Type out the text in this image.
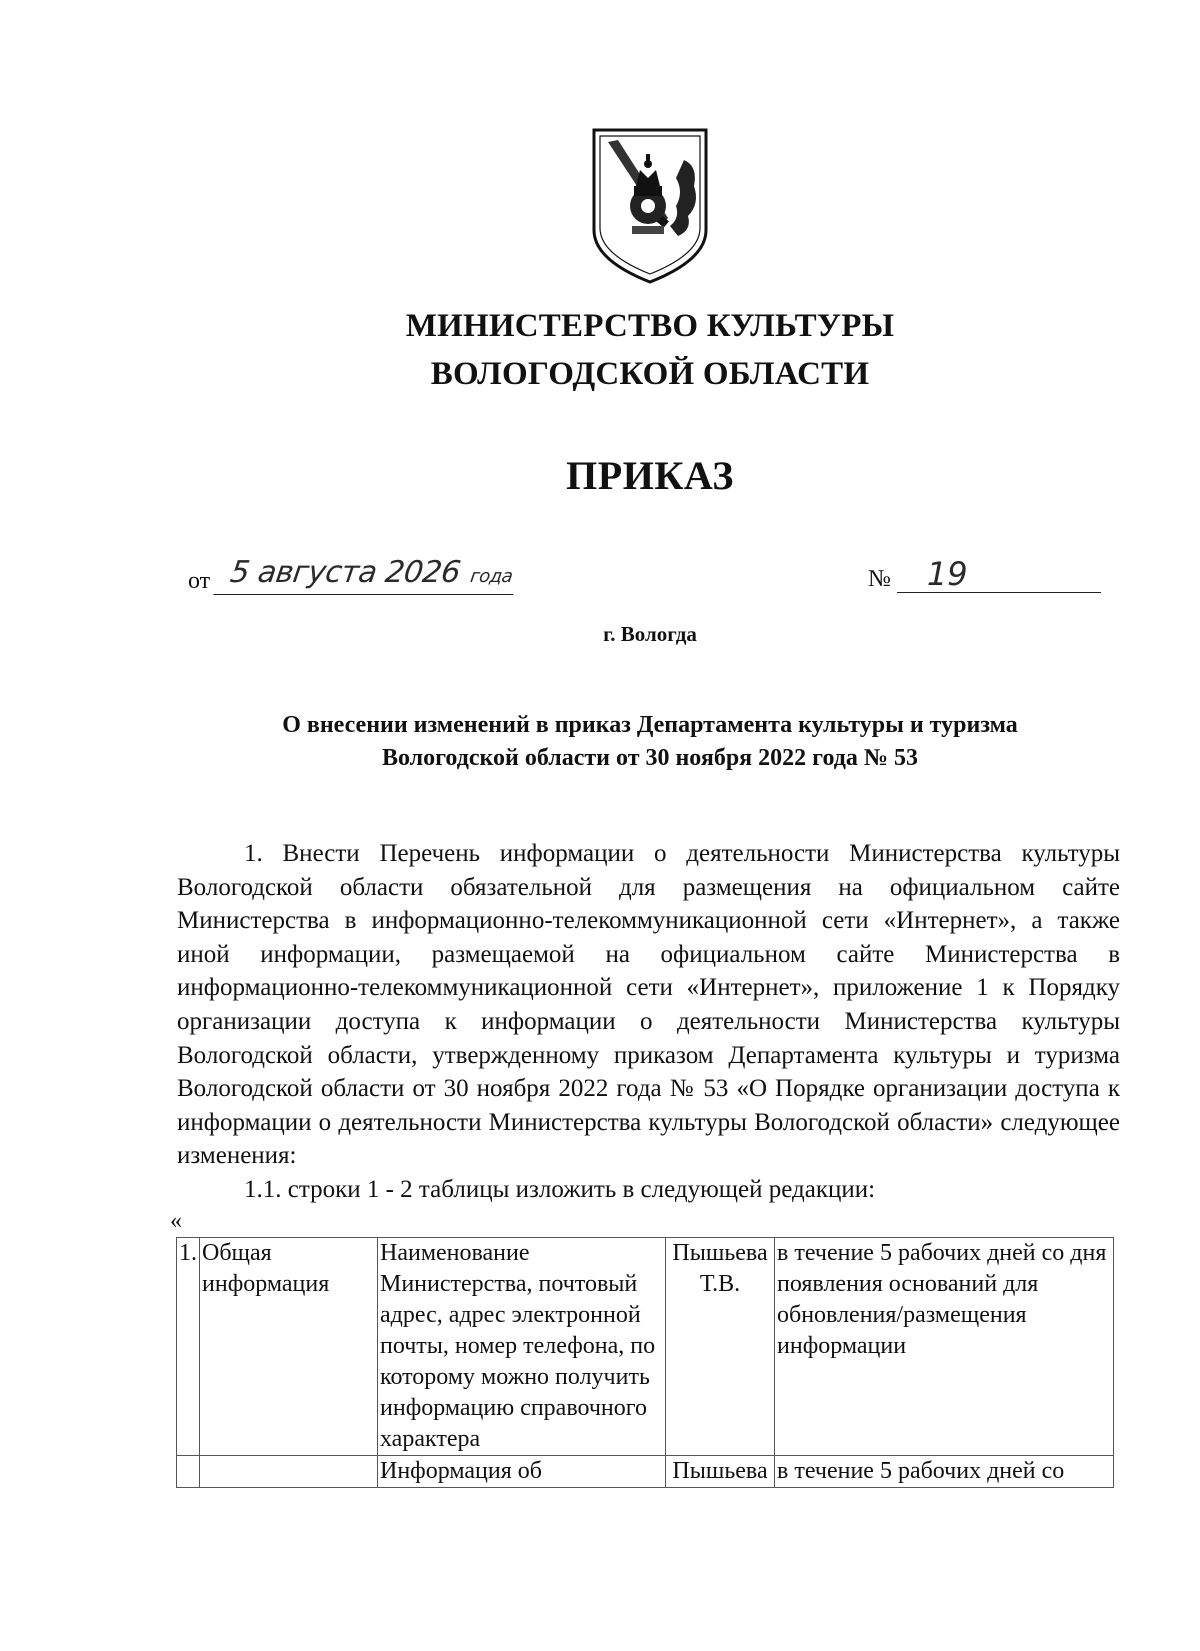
МИНИСТЕРСТВО КУЛЬТУРЫ
ВОЛОГОДСКОЙ ОБЛАСТИ
ПРИКАЗ
от 5 августа 2026 года	№	19
г. Вологда
О внесении изменений в приказ Департамента культуры и туризма
Вологодской области от 30 ноября 2022 года № 53

1. Внести Перечень информации о деятельности Министерства культуры Вологодской области обязательной для размещения на официальном сайте Министерства в информационно-телекоммуникационной сети «Интернет», а также иной информации, размещаемой на официальном сайте Министерства в информационно-телекоммуникационной сети «Интернет», приложение 1 к Порядку организации доступа к информации о деятельности Министерства культуры Вологодской области, утвержденному приказом Департамента культуры и туризма Вологодской области от 30 ноября 2022 года № 53 «О Порядке организации доступа к информации о деятельности Министерства культуры Вологодской области» следующее изменения:

1.1. строки 1 - 2 таблицы изложить в следующей редакции:

«
1.	Общая информация	Наименование Министерства, почтовый адрес, адрес электронной почты, номер телефона, по которому можно получить информацию справочного характера	Пышьева Т.В.	в течение 5 рабочих дней со дня появления оснований для обновления/размещения информации
		Информация об	Пышьева	в течение 5 рабочих дней со
